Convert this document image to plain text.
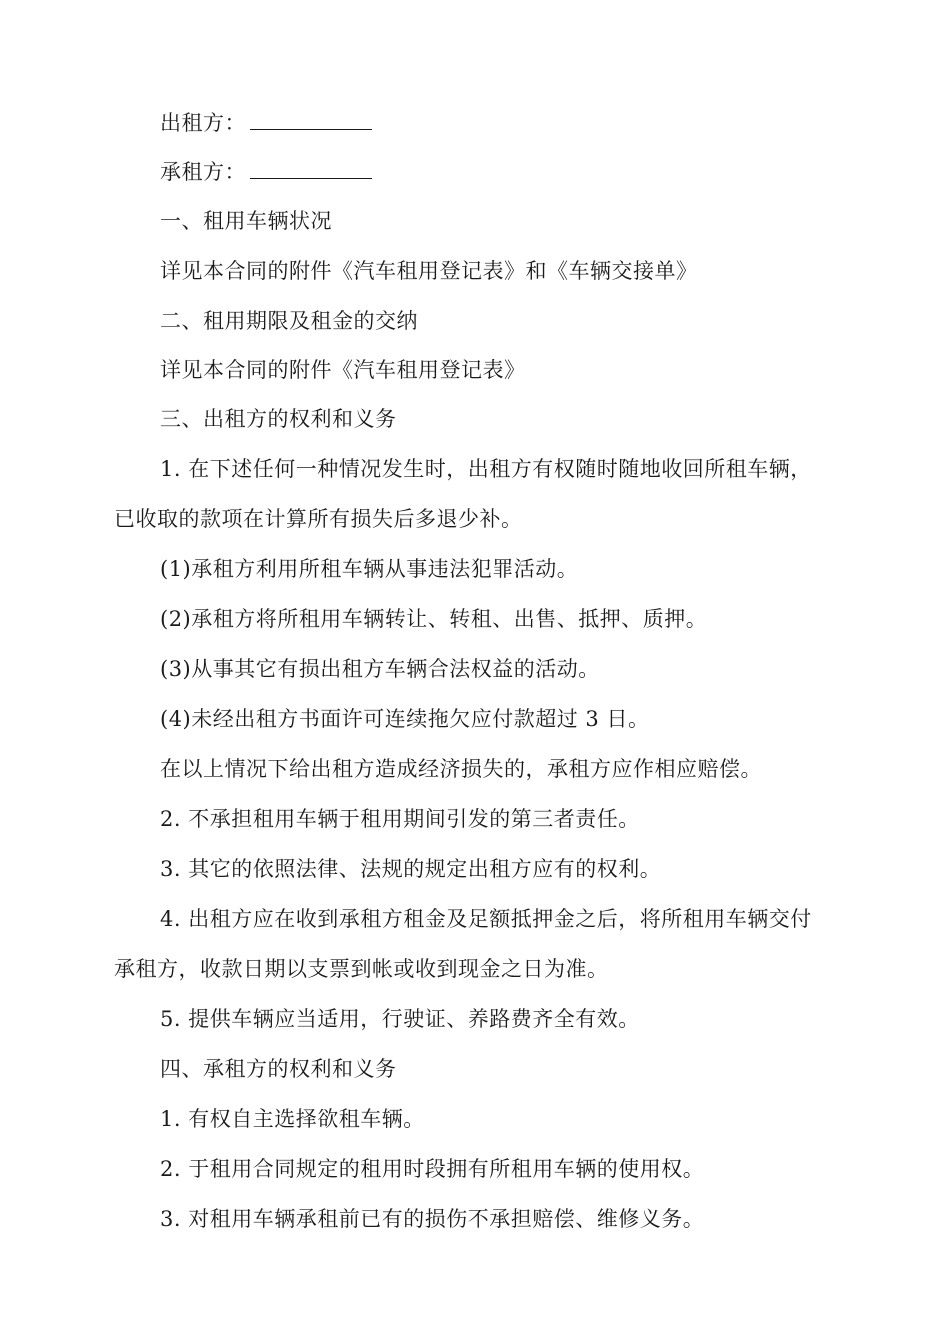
出租方：
承租方：
一、租用车辆状况
详见本合同的附件《汽车租用登记表》和《车辆交接单》
二、租用期限及租金的交纳
详见本合同的附件《汽车租用登记表》
三、出租方的权利和义务
1. 在下述任何一种情况发生时，出租方有权随时随地收回所租车辆，
已收取的款项在计算所有损失后多退少补。
(1)承租方利用所租车辆从事违法犯罪活动。
(2)承租方将所租用车辆转让、转租、出售、抵押、质押。
(3)从事其它有损出租方车辆合法权益的活动。
(4)未经出租方书面许可连续拖欠应付款超过 3 日。
在以上情况下给出租方造成经济损失的，承租方应作相应赔偿。
2. 不承担租用车辆于租用期间引发的第三者责任。
3. 其它的依照法律、法规的规定出租方应有的权利。
4. 出租方应在收到承租方租金及足额抵押金之后，将所租用车辆交付
承租方，收款日期以支票到帐或收到现金之日为准。
5. 提供车辆应当适用，行驶证、养路费齐全有效。
四、承租方的权利和义务
1. 有权自主选择欲租车辆。
2. 于租用合同规定的租用时段拥有所租用车辆的使用权。
3. 对租用车辆承租前已有的损伤不承担赔偿、维修义务。
